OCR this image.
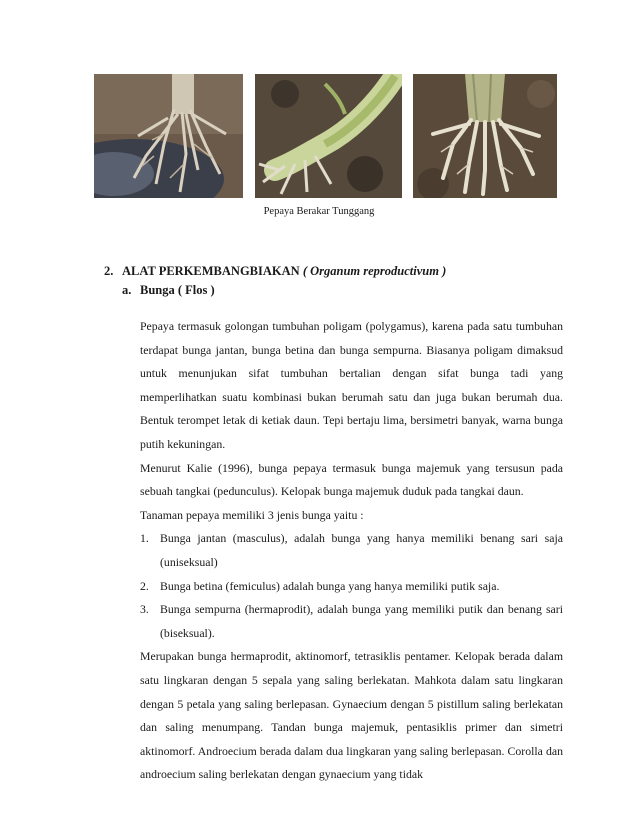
Pepaya Berakar Tunggang
2. ALAT PERKEMBANGBIAKAN ( Organum reproductivum )
a. Bunga ( Flos )

Pepaya termasuk golongan tumbuhan poligam (polygamus), karena pada satu tumbuhan terdapat bunga jantan, bunga betina dan bunga sempurna. Biasanya poligam dimaksud untuk menunjukan sifat tumbuhan bertalian dengan sifat bunga tadi yang memperlihatkan suatu kombinasi bukan berumah satu dan juga bukan berumah dua. Bentuk terompet letak di ketiak daun. Tepi bertaju lima, bersimetri banyak, warna bunga putih kekuningan.

Menurut Kalie (1996), bunga pepaya termasuk bunga majemuk yang tersusun pada sebuah tangkai (pedunculus). Kelopak bunga majemuk duduk pada tangkai daun.

Tanaman pepaya memiliki 3 jenis bunga yaitu :

1. Bunga jantan (masculus), adalah bunga yang hanya memiliki benang sari saja (uniseksual)
2. Bunga betina (femiculus) adalah bunga yang hanya memiliki putik saja.
3. Bunga sempurna (hermaprodit), adalah bunga yang memiliki putik dan benang sari (biseksual).

Merupakan bunga hermaprodit, aktinomorf, tetrasiklis pentamer. Kelopak berada dalam satu lingkaran dengan 5 sepala yang saling berlekatan. Mahkota dalam satu lingkaran dengan 5 petala yang saling berlepasan. Gynaecium dengan 5 pistillum saling berlekatan dan saling menumpang. Tandan bunga majemuk, pentasiklis primer dan simetri aktinomorf. Androecium berada dalam dua lingkaran yang saling berlepasan. Corolla dan androecium saling berlekatan dengan gynaecium yang tidak
